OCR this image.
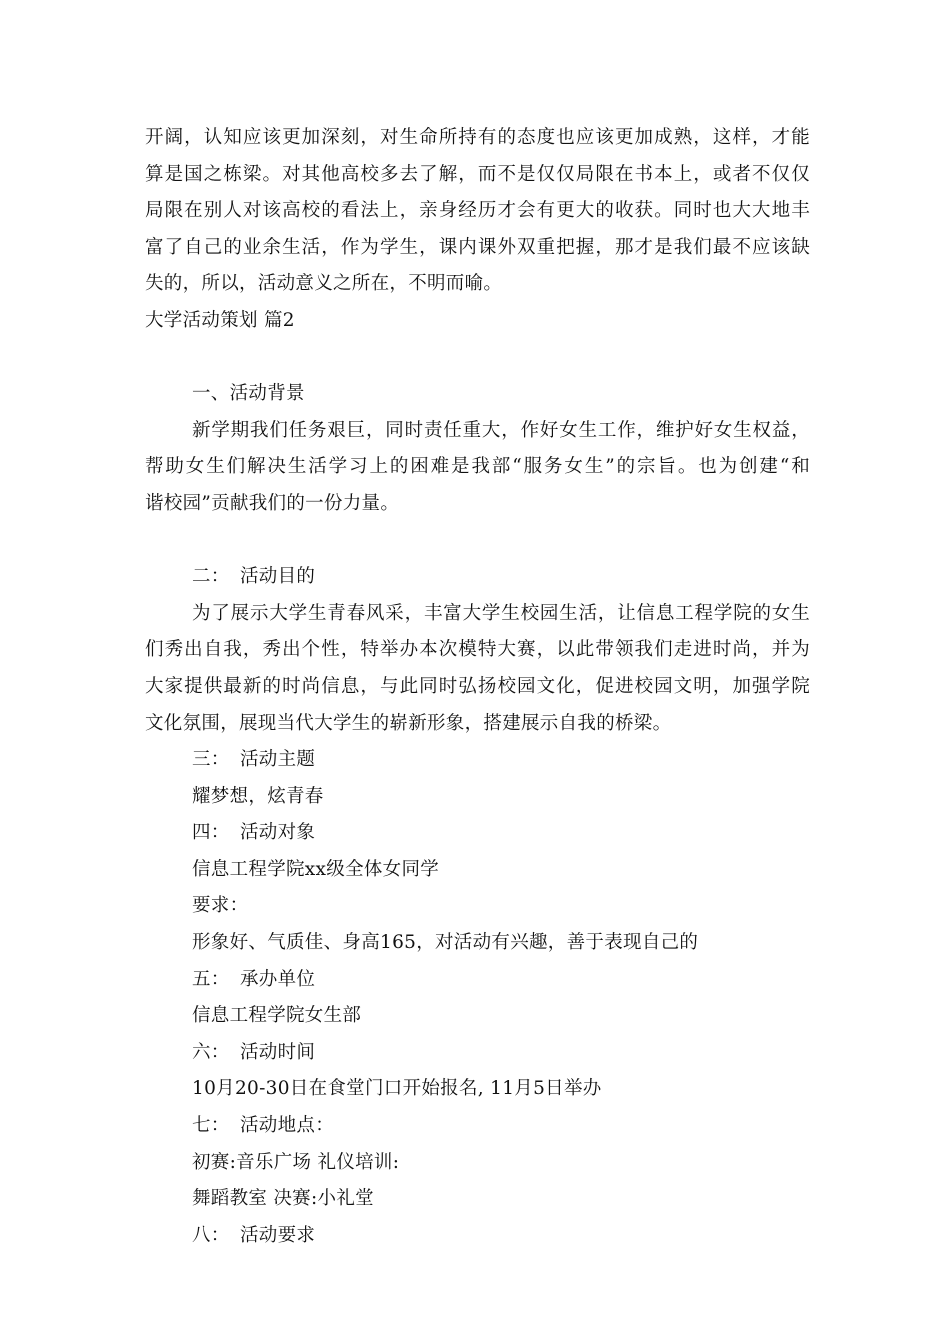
开阔，认知应该更加深刻，对生命所持有的态度也应该更加成熟，这样，才能
算是国之栋梁。对其他高校多去了解，而不是仅仅局限在书本上，或者不仅仅
局限在别人对该高校的看法上，亲身经历才会有更大的收获。同时也大大地丰
富了自己的业余生活，作为学生，课内课外双重把握，那才是我们最不应该缺
失的，所以，活动意义之所在，不明而喻。
大学活动策划 篇2
一、活动背景
新学期我们任务艰巨，同时责任重大，作好女生工作，维护好女生权益，
帮助女生们解决生活学习上的困难是我部“服务女生”的宗旨。也为创建“和
谐校园”贡献我们的一份力量。
二： 活动目的
为了展示大学生青春风采，丰富大学生校园生活，让信息工程学院的女生
们秀出自我，秀出个性，特举办本次模特大赛，以此带领我们走进时尚，并为
大家提供最新的时尚信息，与此同时弘扬校园文化，促进校园文明，加强学院
文化氛围，展现当代大学生的崭新形象，搭建展示自我的桥梁。
三： 活动主题
耀梦想，炫青春
四： 活动对象
信息工程学院xx级全体女同学
要求：
形象好、气质佳、身高165，对活动有兴趣，善于表现自己的
五： 承办单位
信息工程学院女生部
六： 活动时间
10月20-30日在食堂门口开始报名, 11月5日举办
七： 活动地点：
初赛:音乐广场 礼仪培训:
舞蹈教室 决赛:小礼堂
八： 活动要求
